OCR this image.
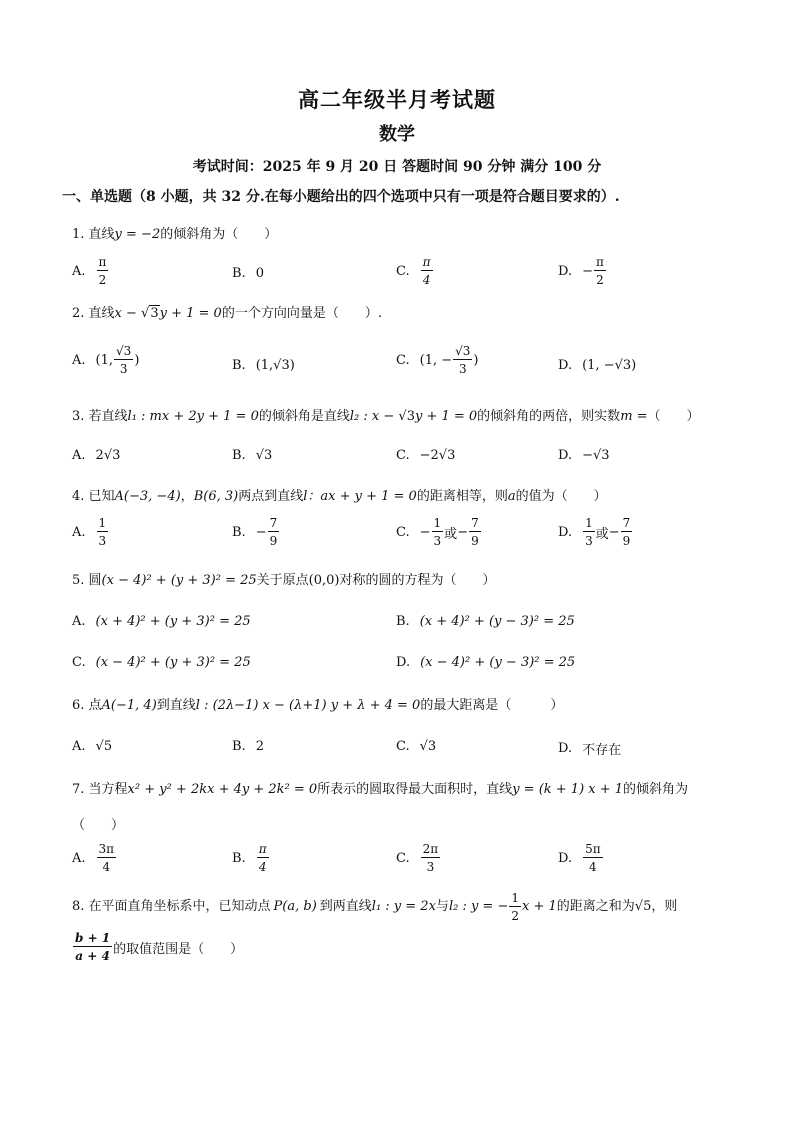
高二年级半月考试题
数学
考试时间：2025 年 9 月 20 日 答题时间 90 分钟 满分 100 分
一、单选题（8 小题，共 32 分.在每小题给出的四个选项中只有一项是符合题目要求的）.
1. 直线y = −2的倾斜角为（　　）
A. $\frac{\pi}{2}$	B. 0	C. $\frac{\pi}{4}$	D. − $\frac{\pi}{2}$
2. 直线x − √3y + 1 = 0的一个方向向量是（　　）.
A. (1, $\frac{√3}{3}$ )	B. (1, √ 3 )	C. (1, − $\frac{√3}{3}$ )	D. (1, − √ 3 )
3. 若直线l₁ : mx + 2y + 1 = 0的倾斜角是直线l₂ : x − √3y + 1 = 0的倾斜角的两倍，则实数m =（　　）
A. 2 √ 3	B. √ 3	C. −2 √ 3	D. − √ 3
4. 已知A(−3, −4)，B(6, 3)两点到直线l：ax + y + 1 = 0的距离相等，则a的值为（　　）
A. $\frac{1}{3}$	B. − $\frac{7}{9}$	C. − $\frac{1}{3}$ 或 − $\frac{7}{9}$	D. $\frac{1}{3}$ 或 − $\frac{7}{9}$
5. 圆(x − 4)² + (y + 3)² = 25关于原点(0,0)对称的圆的方程为（　　）
A. (x + 4)² + (y + 3)² = 25	B. (x + 4)² + (y − 3)² = 25
C. (x − 4)² + (y + 3)² = 25	D. (x − 4)² + (y − 3)² = 25
6. 点A(−1, 4)到直线l : (2λ−1) x − (λ+1) y + λ + 4 = 0的最大距离是（　　　）
A. √ 5	B. 2	C. √ 3	D. 不存在
7. 当方程x² + y² + 2kx + 4y + 2k² = 0所表示的圆取得最大面积时，直线y = (k + 1) x + 1的倾斜角为
（　　）
A. $\frac{3\pi}{4}$	B. $\frac{\pi}{4}$	C. $\frac{2\pi}{3}$	D. $\frac{5\pi}{4}$
8. 在平面直角坐标系中，已知动点 P(a, b) 到两直线 l₁ : y = 2x 与 l₂ : y = − $\frac{1}{2}$ x + 1 的距离之和为 √ 5 ，则
$\frac{b + 1}{a + 4}$ 的取值范围是（　　）
